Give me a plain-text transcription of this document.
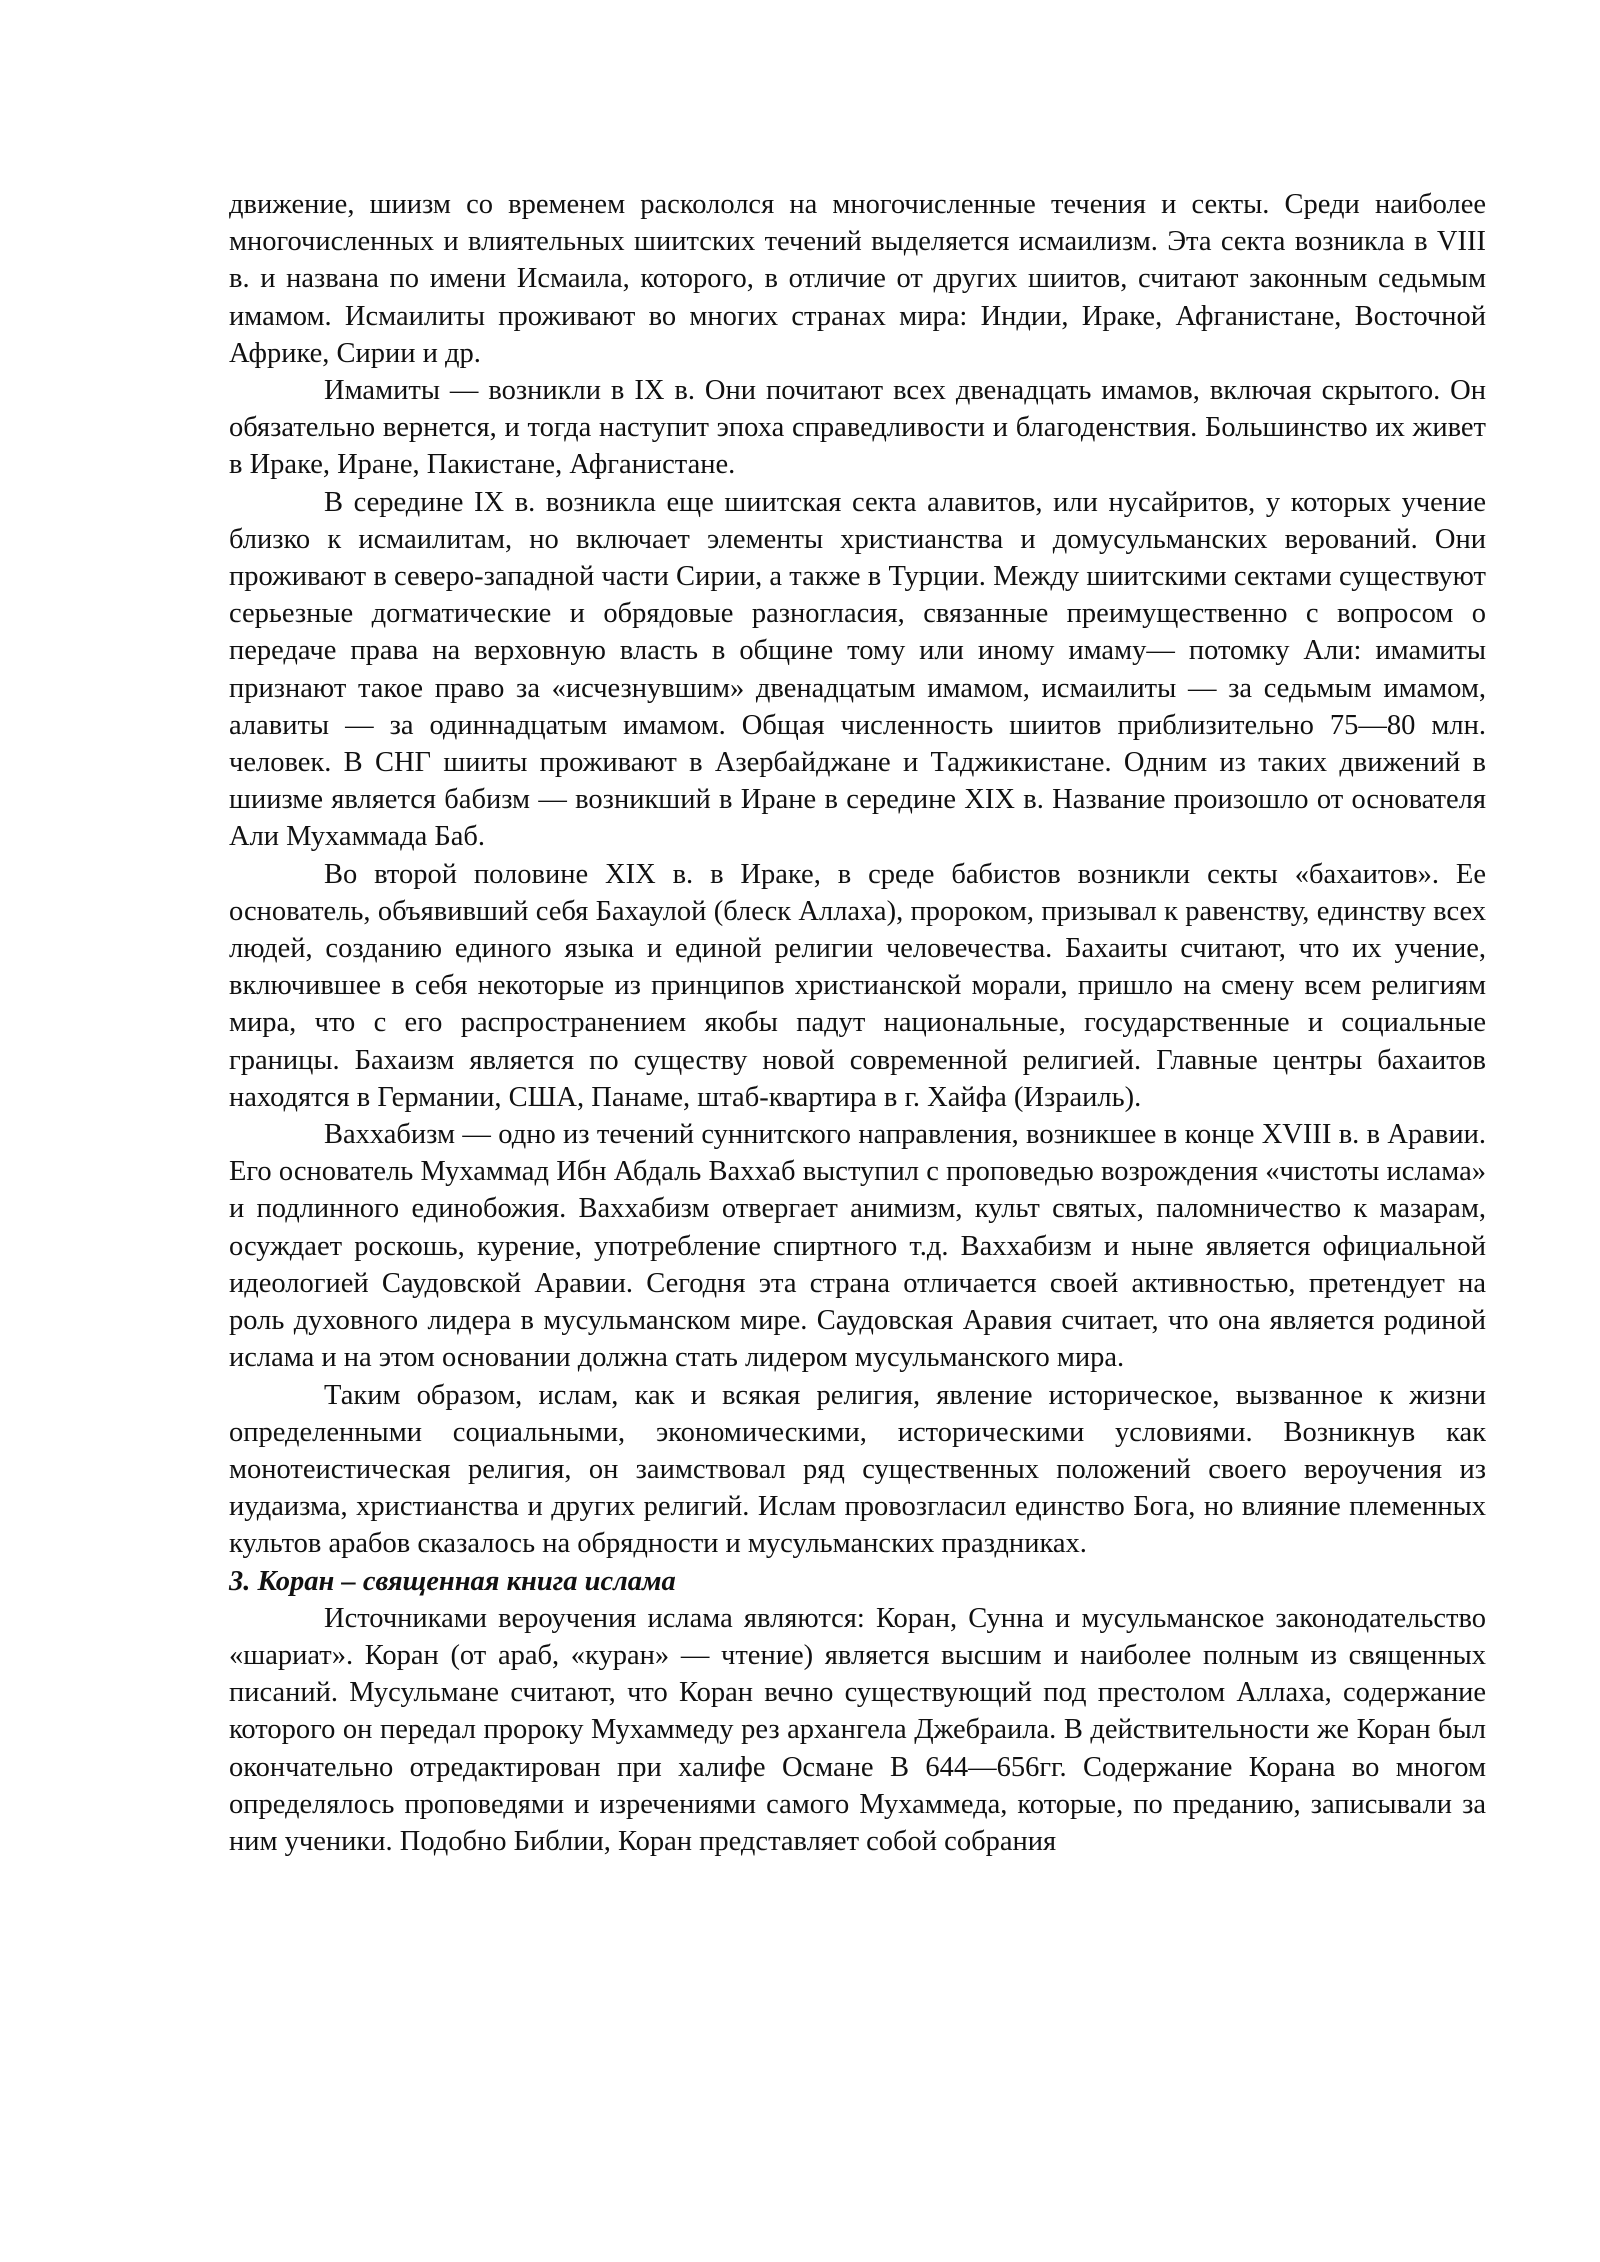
движение, шиизм со временем раскололся на многочисленные течения и секты. Среди наиболее многочисленных и влиятельных шиитских течений выделяется исмаилизм. Эта секта возникла в VIII в. и названа по имени Исмаила, которого, в отличие от других шиитов, считают законным седьмым имамом. Исмаилиты проживают во многих странах мира: Индии, Ираке, Афганистане, Восточной Африке, Сирии и др.

Имамиты — возникли в IX в. Они почитают всех двенадцать имамов, включая скрытого. Он обязательно вернется, и тогда наступит эпоха справедливости и благоденствия. Большинство их живет в Ираке, Иране, Пакистане, Афганистане.

В середине IX в. возникла еще шиитская секта алавитов, или нусайритов, у которых учение близко к исмаилитам, но включает элементы христианства и домусульманских верований. Они проживают в северо-западной части Сирии, а также в Турции. Между шиитскими сектами существуют серьезные догматические и обрядовые разногласия, связанные преимущественно с вопросом о передаче права на верховную власть в общине тому или иному имаму— потомку Али: имамиты признают такое право за «исчезнувшим» двенадцатым имамом, исмаилиты — за седьмым имамом, алавиты — за одиннадцатым имамом. Общая численность шиитов приблизительно 75—80 млн. человек. В СНГ шииты проживают в Азербайджане и Таджикистане. Одним из таких движений в шиизме является бабизм — возникший в Иране в середине XIX в. Название произошло от основателя Али Мухаммада Баб.

Во второй половине XIX в. в Ираке, в среде бабистов возникли секты «бахаитов». Ее основатель, объявивший себя Бахаулой (блеск Аллаха), пророком, призывал к равенству, единству всех людей, созданию единого языка и единой религии человечества. Бахаиты считают, что их учение, включившее в себя некоторые из принципов христианской морали, пришло на смену всем религиям мира, что с его распространением якобы падут национальные, государственные и социальные границы. Бахаизм является по существу новой современной религией. Главные центры бахаитов находятся в Германии, США, Панаме, штаб-квартира в г. Хайфа (Израиль).

Ваххабизм — одно из течений суннитского направления, возникшее в конце XVIII в. в Аравии. Его основатель Мухаммад Ибн Абдаль Ваххаб выступил с проповедью возрождения «чистоты ислама» и подлинного единобожия. Ваххабизм отвергает анимизм, культ святых, паломничество к мазарам, осуждает роскошь, курение, употребление спиртного т.д. Ваххабизм и ныне является официальной идеологией Саудовской Аравии. Сегодня эта страна отличается своей активностью, претендует на роль духовного лидера в мусульманском мире. Саудовская Аравия считает, что она является родиной ислама и на этом основании должна стать лидером мусульманского мира.

Таким образом, ислам, как и всякая религия, явление историческое, вызванное к жизни определенными социальными, экономическими, историческими условиями. Возникнув как монотеистическая религия, он заимствовал ряд существенных положений своего вероучения из иудаизма, христианства и других религий. Ислам провозгласил единство Бога, но влияние племенных культов арабов сказалось на обрядности и мусульманских праздниках.

3. Коран – священная книга ислама

Источниками вероучения ислама являются: Коран, Сунна и мусульманское законодательство «шариат». Коран (от араб, «куран» — чтение) является высшим и наиболее полным из священных писаний. Мусульмане считают, что Коран вечно существующий под престолом Аллаха, содержание которого он передал пророку Мухаммеду рез архангела Джебраила. В действительности же Коран был окончательно отредактирован при халифе Османе В 644—656гг. Содержание Корана во многом определялось проповедями и изречениями самого Мухаммеда, которые, по преданию, записывали за ним ученики. Подобно Библии, Коран представляет собой собрания
